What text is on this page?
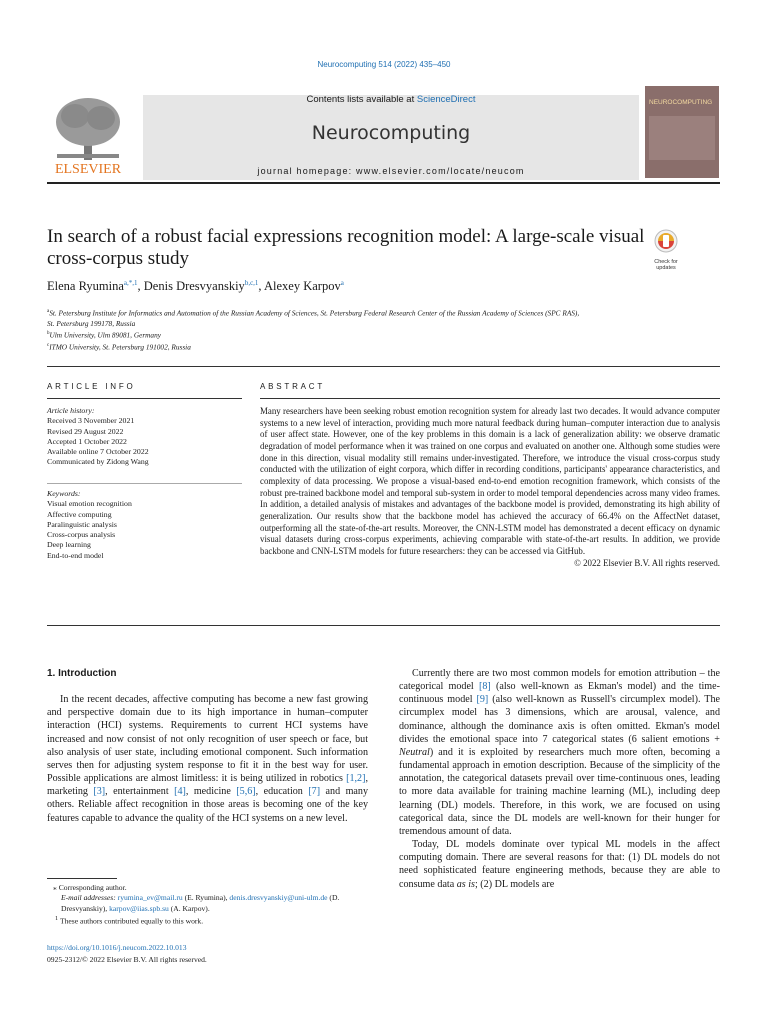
Neurocomputing 514 (2022) 435–450
ELSEVIER
Contents lists available at ScienceDirect
Neurocomputing
journal homepage: www.elsevier.com/locate/neucom
NEUROCOMPUTING
In search of a robust facial expressions recognition model: A large-scale visual cross-corpus study	Check for updates
Elena Ryumina$^{a,*,1}$, Denis Dresvyanskiy$^{b,c,1}$, Alexey Karpov$^a$
$^a$St. Petersburg Institute for Informatics and Automation of the Russian Academy of Sciences, St. Petersburg Federal Research Center of the Russian Academy of Sciences (SPC RAS),
St. Petersburg 199178, Russia
$^b$Ulm University, Ulm 89081, Germany
$^c$ITMO University, St. Petersburg 191002, Russia
ARTICLE INFO
Article history:
Received 3 November 2021
Revised 29 August 2022
Accepted 1 October 2022
Available online 7 October 2022
Communicated by Zidong Wang
Keywords:
Visual emotion recognition
Affective computing
Paralinguistic analysis
Cross-corpus analysis
Deep learning
End-to-end model
ABSTRACT
Many researchers have been seeking robust emotion recognition system for already last two decades. It would advance computer systems to a new level of interaction, providing much more natural feedback during human–computer interaction due to analysis of user affect state. However, one of the key problems in this domain is a lack of generalization ability: we observe dramatic degradation of model performance when it was trained on one corpus and evaluated on another one. Although some studies were done in this direction, visual modality still remains under-investigated. Therefore, we introduce the visual cross-corpus study conducted with the utilization of eight corpora, which differ in recording conditions, participants' appearance characteristics, and complexity of data processing. We propose a visual-based end-to-end emotion recognition framework, which consists of the robust pre-trained backbone model and temporal sub-system in order to model temporal dependencies across many video frames. In addition, a detailed analysis of mistakes and advantages of the backbone model is provided, demonstrating its high ability of generalization. Our results show that the backbone model has achieved the accuracy of 66.4% on the AffectNet dataset, outperforming all the state-of-the-art results. Moreover, the CNN-LSTM model has demonstrated a decent efficacy on dynamic visual datasets during cross-corpus experiments, achieving comparable with state-of-the-art results. In addition, we provide backbone and CNN-LSTM models for future researchers: they can be accessed via GitHub.
© 2022 Elsevier B.V. All rights reserved.
1. Introduction

In the recent decades, affective computing has become a new fast growing and perspective domain due to its high importance in human–computer interaction (HCI) systems. Requirements to current HCI systems have increased and now consist of not only recognition of user speech or face, but also analysis of user state, including emotional component. Such information serves then for adjusting system response to fit it in the best way for user. Possible applications are almost limitless: it is being utilized in robotics [1,2], marketing [3], entertainment [4], medicine [5,6], education [7] and many others. Reliable affect recognition in those areas is becoming one of the key features capable to advance the quality of the HCI systems on a new level.

⁎ Corresponding author.
E-mail addresses: ryumina_ev@mail.ru (E. Ryumina), denis.dresvyanskiy@uni-ulm.de (D. Dresvyanskiy), karpov@iias.spb.su (A. Karpov).
$^1$ These authors contributed equally to this work.

Currently there are two most common models for emotion attribution – the categorical model [8] (also well-known as Ekman's model) and the time-continuous model [9] (also well-known as Russell's circumplex model). The circumplex model has 3 dimensions, which are arousal, valence, and dominance, although the dominance axis is often omitted. Ekman's model divides the emotional space into 7 categorical states (6 salient emotions + Neutral) and it is exploited by researchers much more often, becoming a fundamental approach in emotion description. Because of the simplicity of the annotation, the categorical datasets prevail over time-continuous ones, leading to more data available for training machine learning (ML), including deep learning (DL) models. Therefore, in this work, we are focused on using categorical data, since the DL models are well-known for their hunger for tremendous amount of data.

Today, DL models dominate over typical ML models in the affect computing domain. There are several reasons for that: (1) DL models do not need sophisticated feature engineering methods, because they are able to consume data as is; (2) DL models are

https://doi.org/10.1016/j.neucom.2022.10.013
0925-2312/© 2022 Elsevier B.V. All rights reserved.
